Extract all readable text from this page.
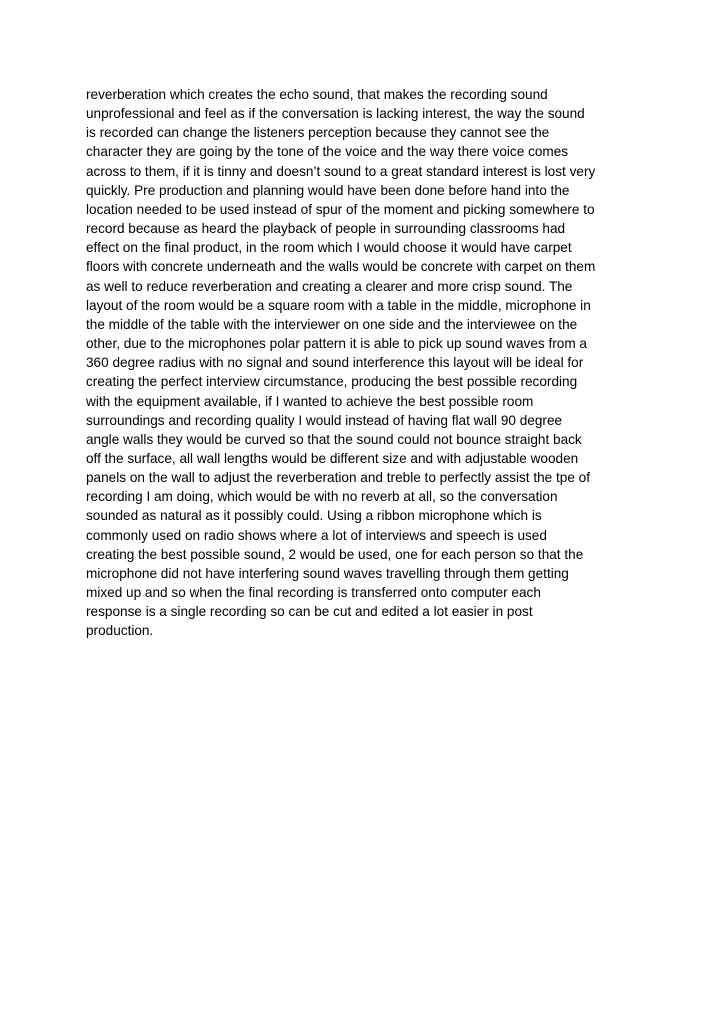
reverberation which creates the echo sound, that makes the recording sound
unprofessional and feel as if the conversation is lacking interest, the way the sound
is recorded can change the listeners perception because they cannot see the
character they are going by the tone of the voice and the way there voice comes
across to them, if it is tinny and doesn’t sound to a great standard interest is lost very
quickly. Pre production and planning would have been done before hand into the
location needed to be used instead of spur of the moment and picking somewhere to
record because as heard the playback of people in surrounding classrooms had
effect on the final product, in the room which I would choose it would have carpet
floors with concrete underneath and the walls would be concrete with carpet on them
as well to reduce reverberation and creating a clearer and more crisp sound. The
layout of the room would be a square room with a table in the middle, microphone in
the middle of the table with the interviewer on one side and the interviewee on the
other, due to the microphones polar pattern it is able to pick up sound waves from a
360 degree radius with no signal and sound interference this layout will be ideal for
creating the perfect interview circumstance, producing the best possible recording
with the equipment available, if I wanted to achieve the best possible room
surroundings and recording quality I would instead of having flat wall 90 degree
angle walls they would be curved so that the sound could not bounce straight back
off the surface, all wall lengths would be different size and with adjustable wooden
panels on the wall to adjust the reverberation and treble to perfectly assist the tpe of
recording I am doing, which would be with no reverb at all, so the conversation
sounded as natural as it possibly could. Using a ribbon microphone which is
commonly used on radio shows where a lot of interviews and speech is used
creating the best possible sound, 2 would be used, one for each person so that the
microphone did not have interfering sound waves travelling through them getting
mixed up and so when the final recording is transferred onto computer each
response is a single recording so can be cut and edited a lot easier in post
production.
